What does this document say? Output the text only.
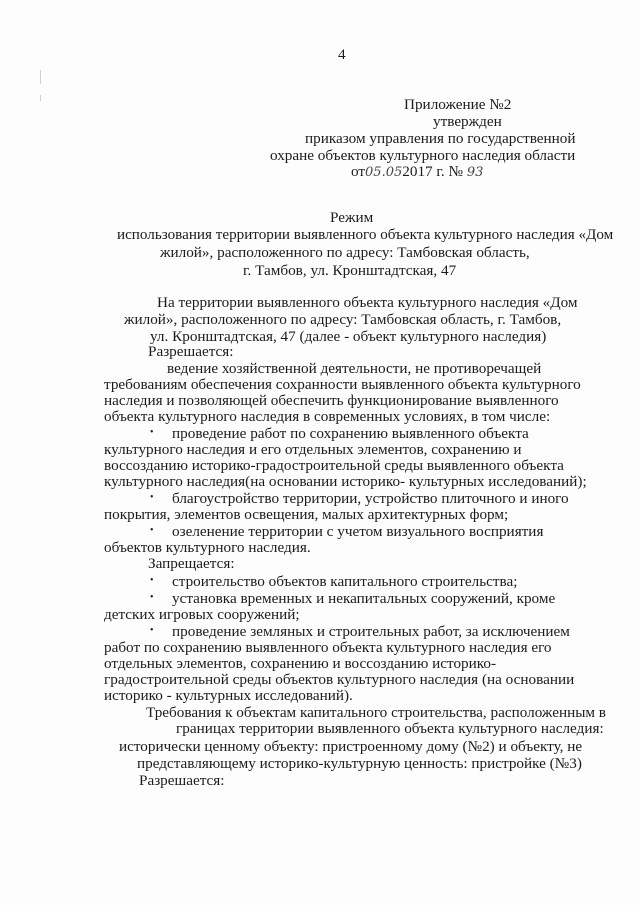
4
Приложение №2
утвержден
приказом управления по государственной
охране объектов культурного наследия области
от05.052017 г. № 93
Режим
использования территории выявленного объекта культурного наследия «Дом
жилой», расположенного по адресу: Тамбовская область,
г. Тамбов, ул. Кронштадтская, 47
На территории выявленного объекта культурного наследия «Дом
жилой», расположенного по адресу: Тамбовская область, г. Тамбов,
ул. Кронштадтская, 47 (далее - объект культурного наследия)
Разрешается:
ведение хозяйственной деятельности, не противоречащей
требованиям обеспечения сохранности выявленного объекта культурного
наследия и позволяющей обеспечить функционирование выявленного
объекта культурного наследия в современных условиях, в том числе:
• проведение работ по сохранению выявленного объекта
культурного наследия и его отдельных элементов, сохранению и
воссозданию историко-градостроительной среды выявленного объекта
культурного наследия(на основании историко- культурных исследований);
• благоустройство территории, устройство плиточного и иного
покрытия, элементов освещения, малых архитектурных форм;
• озеленение территории с учетом визуального восприятия
объектов культурного наследия.
Запрещается:
• строительство объектов капитального строительства;
• установка временных и некапитальных сооружений, кроме
детских игровых сооружений;
• проведение земляных и строительных работ, за исключением
работ по сохранению выявленного объекта культурного наследия его
отдельных элементов, сохранению и воссозданию историко-
градостроительной среды объектов культурного наследия (на основании
историко - культурных исследований).
Требования к объектам капитального строительства, расположенным в
границах территории выявленного объекта культурного наследия:
исторически ценному объекту: пристроенному дому (№2) и объекту, не
представляющему историко-культурную ценность: пристройке (№3)
Разрешается:
